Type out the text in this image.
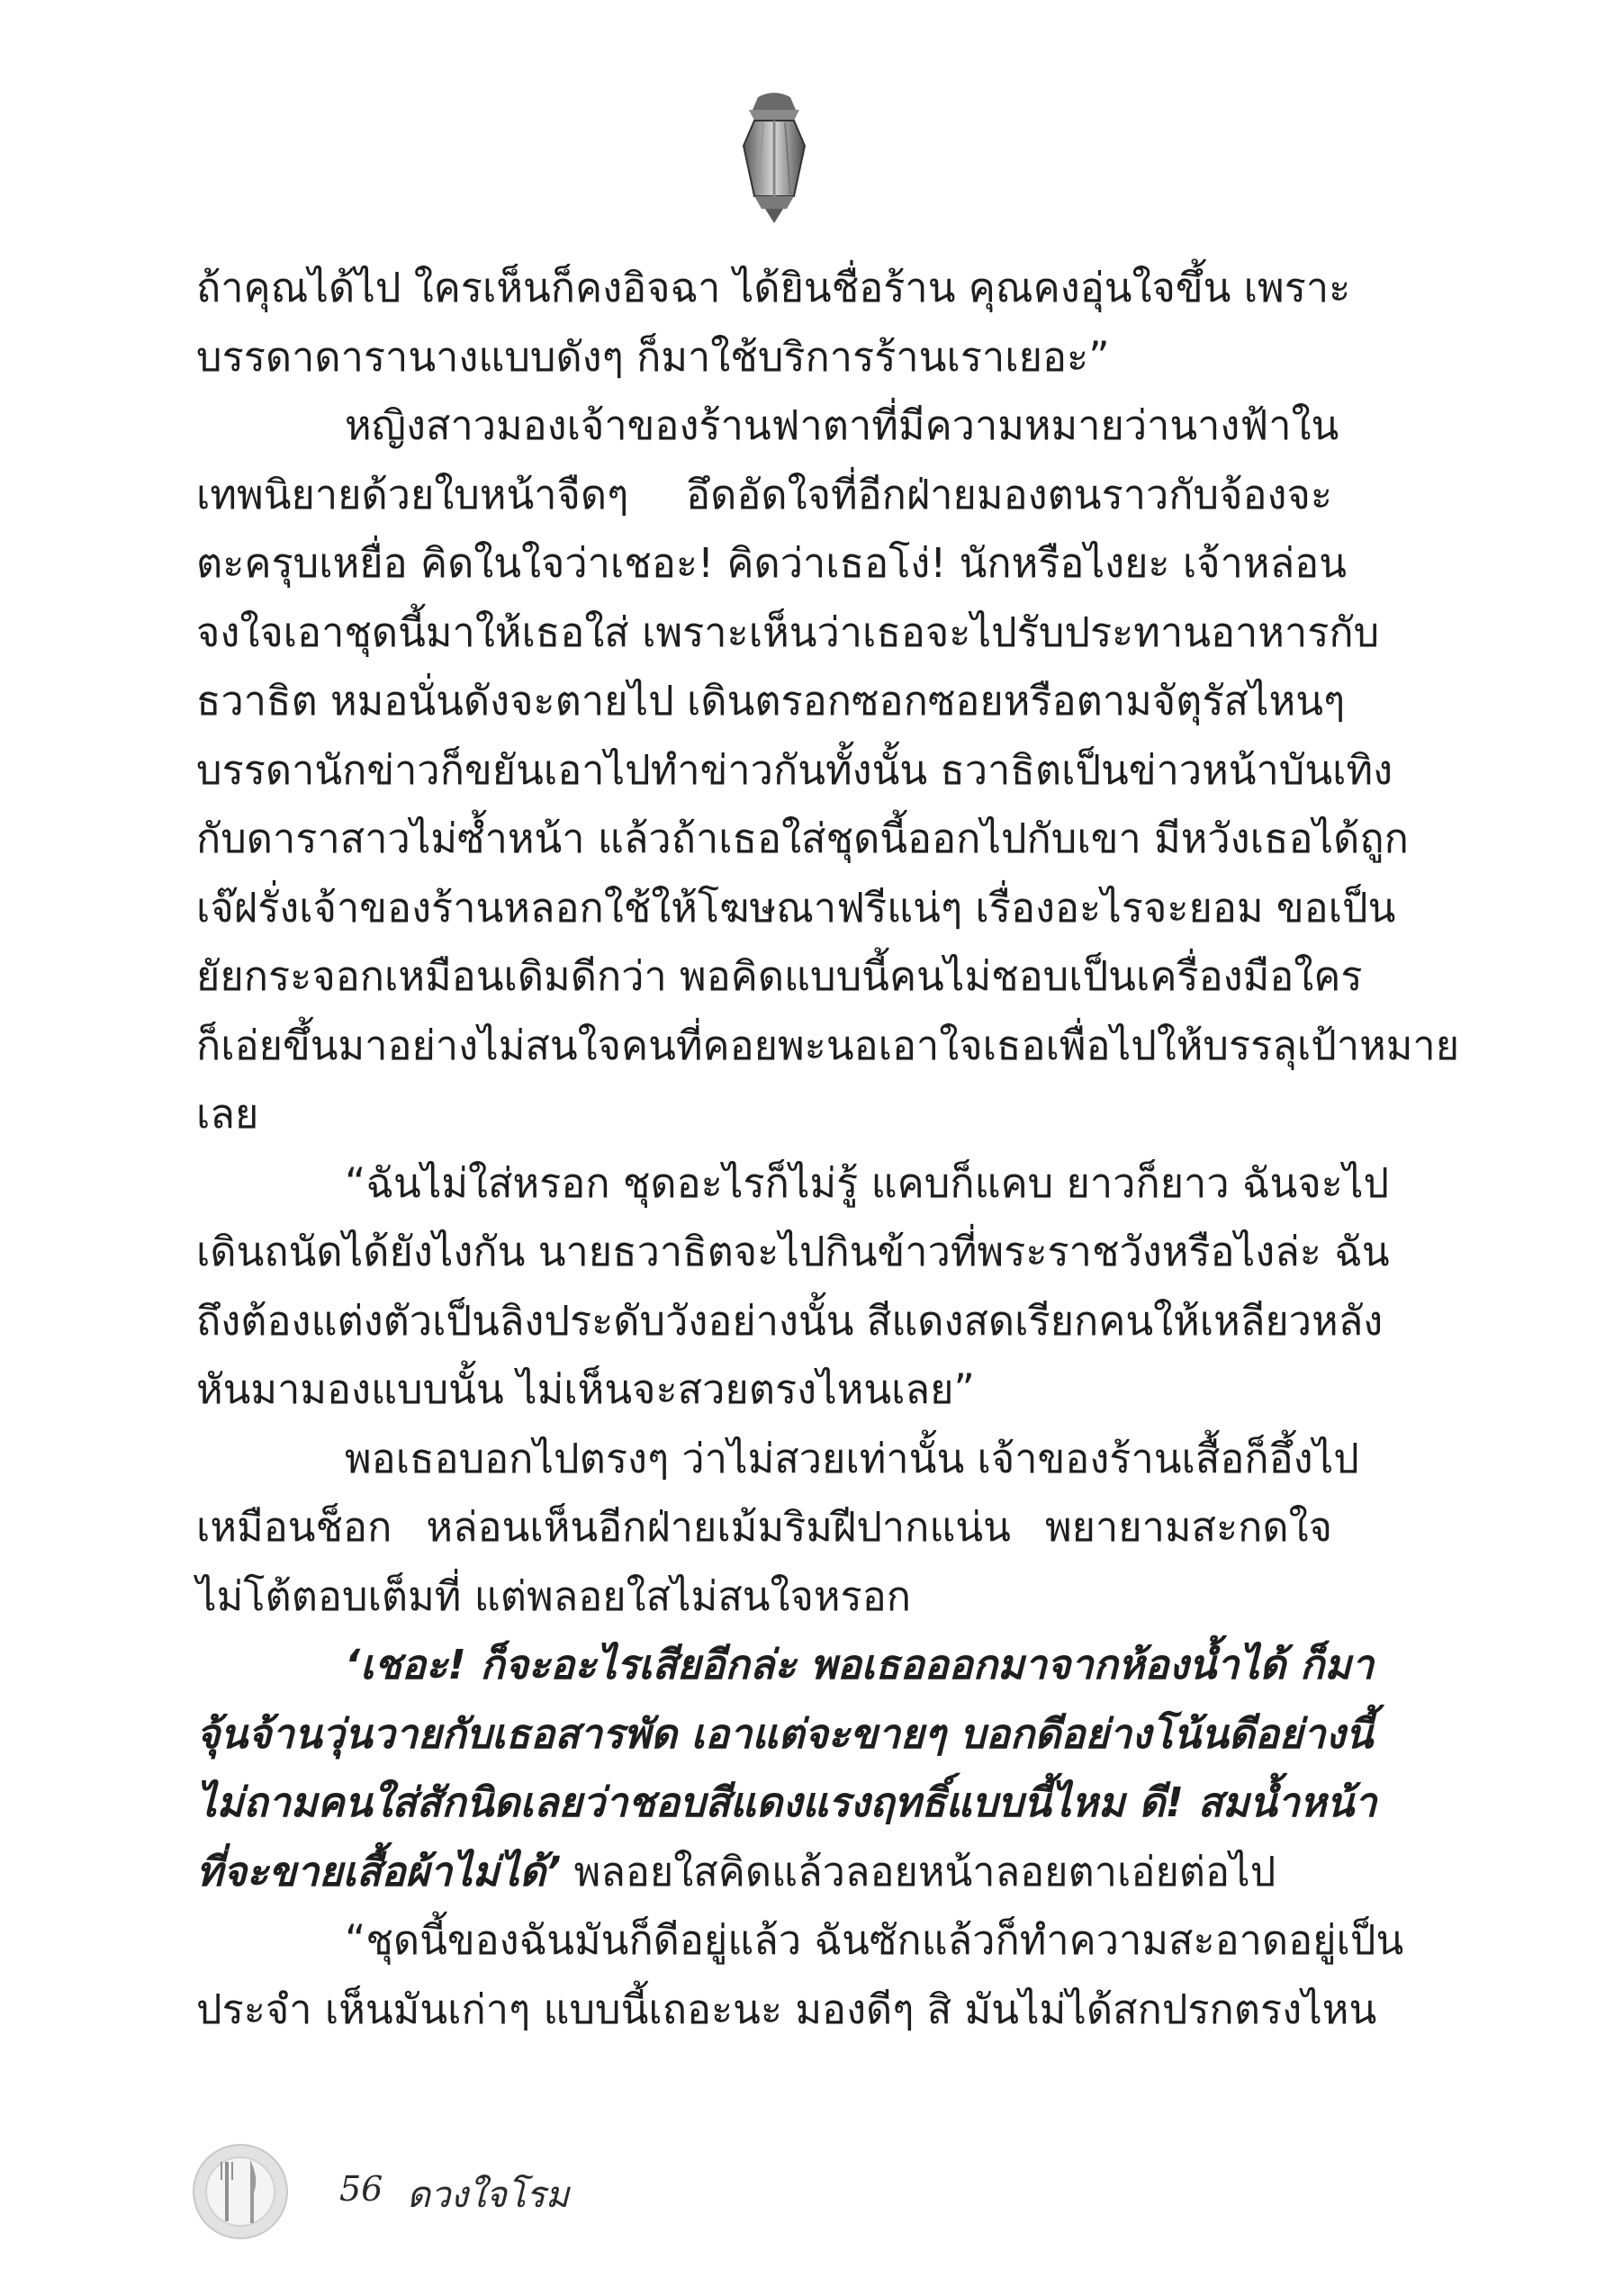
ถ้าคุณได้ไป ใครเห็นก็คงอิจฉา ได้ยินชื่อร้าน คุณคงอุ่นใจขึ้น เพราะ
บรรดาดารานางแบบดังๆ ก็มาใช้บริการร้านเราเยอะ”
หญิงสาวมองเจ้าของร้านฟาตาที่มีความหมายว่านางฟ้าใน
เทพนิยายด้วยใบหน้าจืดๆ อึดอัดใจที่อีกฝ่ายมองตนราวกับจ้องจะ
ตะครุบเหยื่อ คิดในใจว่าเชอะ! คิดว่าเธอโง่! นักหรือไงยะ เจ้าหล่อน
จงใจเอาชุดนี้มาให้เธอใส่ เพราะเห็นว่าเธอจะไปรับประทานอาหารกับ
ธวาธิต หมอนั่นดังจะตายไป เดินตรอกซอกซอยหรือตามจัตุรัสไหนๆ
บรรดานักข่าวก็ขยันเอาไปทำข่าวกันทั้งนั้น ธวาธิตเป็นข่าวหน้าบันเทิง
กับดาราสาวไม่ซ้ำหน้า แล้วถ้าเธอใส่ชุดนี้ออกไปกับเขา มีหวังเธอได้ถูก
เจ๊ฝรั่งเจ้าของร้านหลอกใช้ให้โฆษณาฟรีแน่ๆ เรื่องอะไรจะยอม ขอเป็น
ยัยกระจอกเหมือนเดิมดีกว่า พอคิดแบบนี้คนไม่ชอบเป็นเครื่องมือใคร
ก็เอ่ยขึ้นมาอย่างไม่สนใจคนที่คอยพะนอเอาใจเธอเพื่อไปให้บรรลุเป้าหมาย
เลย
“ฉันไม่ใส่หรอก ชุดอะไรก็ไม่รู้ แคบก็แคบ ยาวก็ยาว ฉันจะไป
เดินถนัดได้ยังไงกัน นายธวาธิตจะไปกินข้าวที่พระราชวังหรือไงล่ะ ฉัน
ถึงต้องแต่งตัวเป็นลิงประดับวังอย่างนั้น สีแดงสดเรียกคนให้เหลียวหลัง
หันมามองแบบนั้น ไม่เห็นจะสวยตรงไหนเลย”
พอเธอบอกไปตรงๆ ว่าไม่สวยเท่านั้น เจ้าของร้านเสื้อก็อึ้งไป
เหมือนช็อก หล่อนเห็นอีกฝ่ายเม้มริมฝีปากแน่น พยายามสะกดใจ
ไม่โต้ตอบเต็มที่ แต่พลอยใสไม่สนใจหรอก
‘เชอะ! ก็จะอะไรเสียอีกล่ะ พอเธอออกมาจากห้องน้ำได้ ก็มา
จุ้นจ้านวุ่นวายกับเธอสารพัด เอาแต่จะขายๆ บอกดีอย่างโน้นดีอย่างนี้
ไม่ถามคนใส่สักนิดเลยว่าชอบสีแดงแรงฤทธิ์แบบนี้ไหม ดี! สมน้ำหน้า
ที่จะขายเสื้อผ้าไม่ได้’ พลอยใสคิดแล้วลอยหน้าลอยตาเอ่ยต่อไป
“ชุดนี้ของฉันมันก็ดีอยู่แล้ว ฉันซักแล้วก็ทำความสะอาดอยู่เป็น
ประจำ เห็นมันเก่าๆ แบบนี้เถอะนะ มองดีๆ สิ มันไม่ได้สกปรกตรงไหน
56 ดวงใจโรม
